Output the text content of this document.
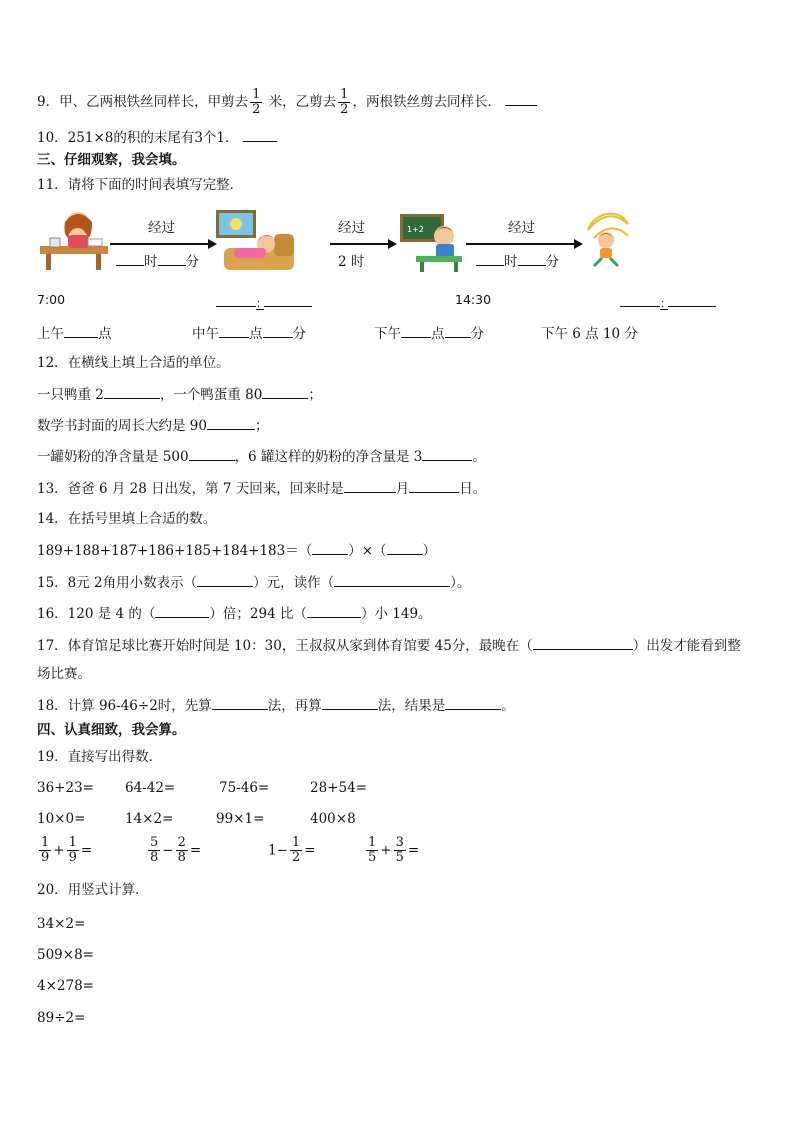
9．甲、乙两根铁丝同样长，甲剪去 $\frac{1}{2}$ 米，乙剪去 $\frac{1}{2}$ ，两根铁丝剪去同样长．
10．251×8的积的末尾有3个1．
三、仔细观察，我会填。
11．请将下面的时间表填写完整．
经过
时 分
经过
2 时
1+2	经过
时 分
7:00	：	14:30	：
上午	点	中午 点 分	下午 点 分	下午 6 点 10 分
12．在横线上填上合适的单位。
一只鸭重 2	，一个鸭蛋重 80	；
数学书封面的周长大约是 90	；
一罐奶粉的净含量是 500	，6 罐这样的奶粉的净含量是 3	。
13．爸爸 6 月 28 日出发，第 7 天回来，回来时是	月	日。
14．在括号里填上合适的数。
189+188+187+186+185+184+183＝（	）×（	）
15．8元 2角用小数表示（	）元，读作（	）。
16．120 是 4 的（	）倍；294 比（	）小 149。
17．体育馆足球比赛开始时间是 10：30，王叔叔从家到体育馆要 45分，最晚在（	）出发才能看到整
场比赛。
18．计算 96-46÷2时，先算	法，再算	法，结果是	。
四、认真细致，我会算。
19．直接写出得数．
36+23= 64-42=	75-46=	28+54=
10×0=	14×2=	99×1=	400×8
$\frac{1}{9} + \frac{1}{9}$ =	$\frac{5}{8} - \frac{2}{8}$ =	$1- \frac{1}{2}$ =	$\frac{1}{5} + \frac{3}{5}$ =
20．用竖式计算．
34×2=
509×8=
4×278=
89÷2=
